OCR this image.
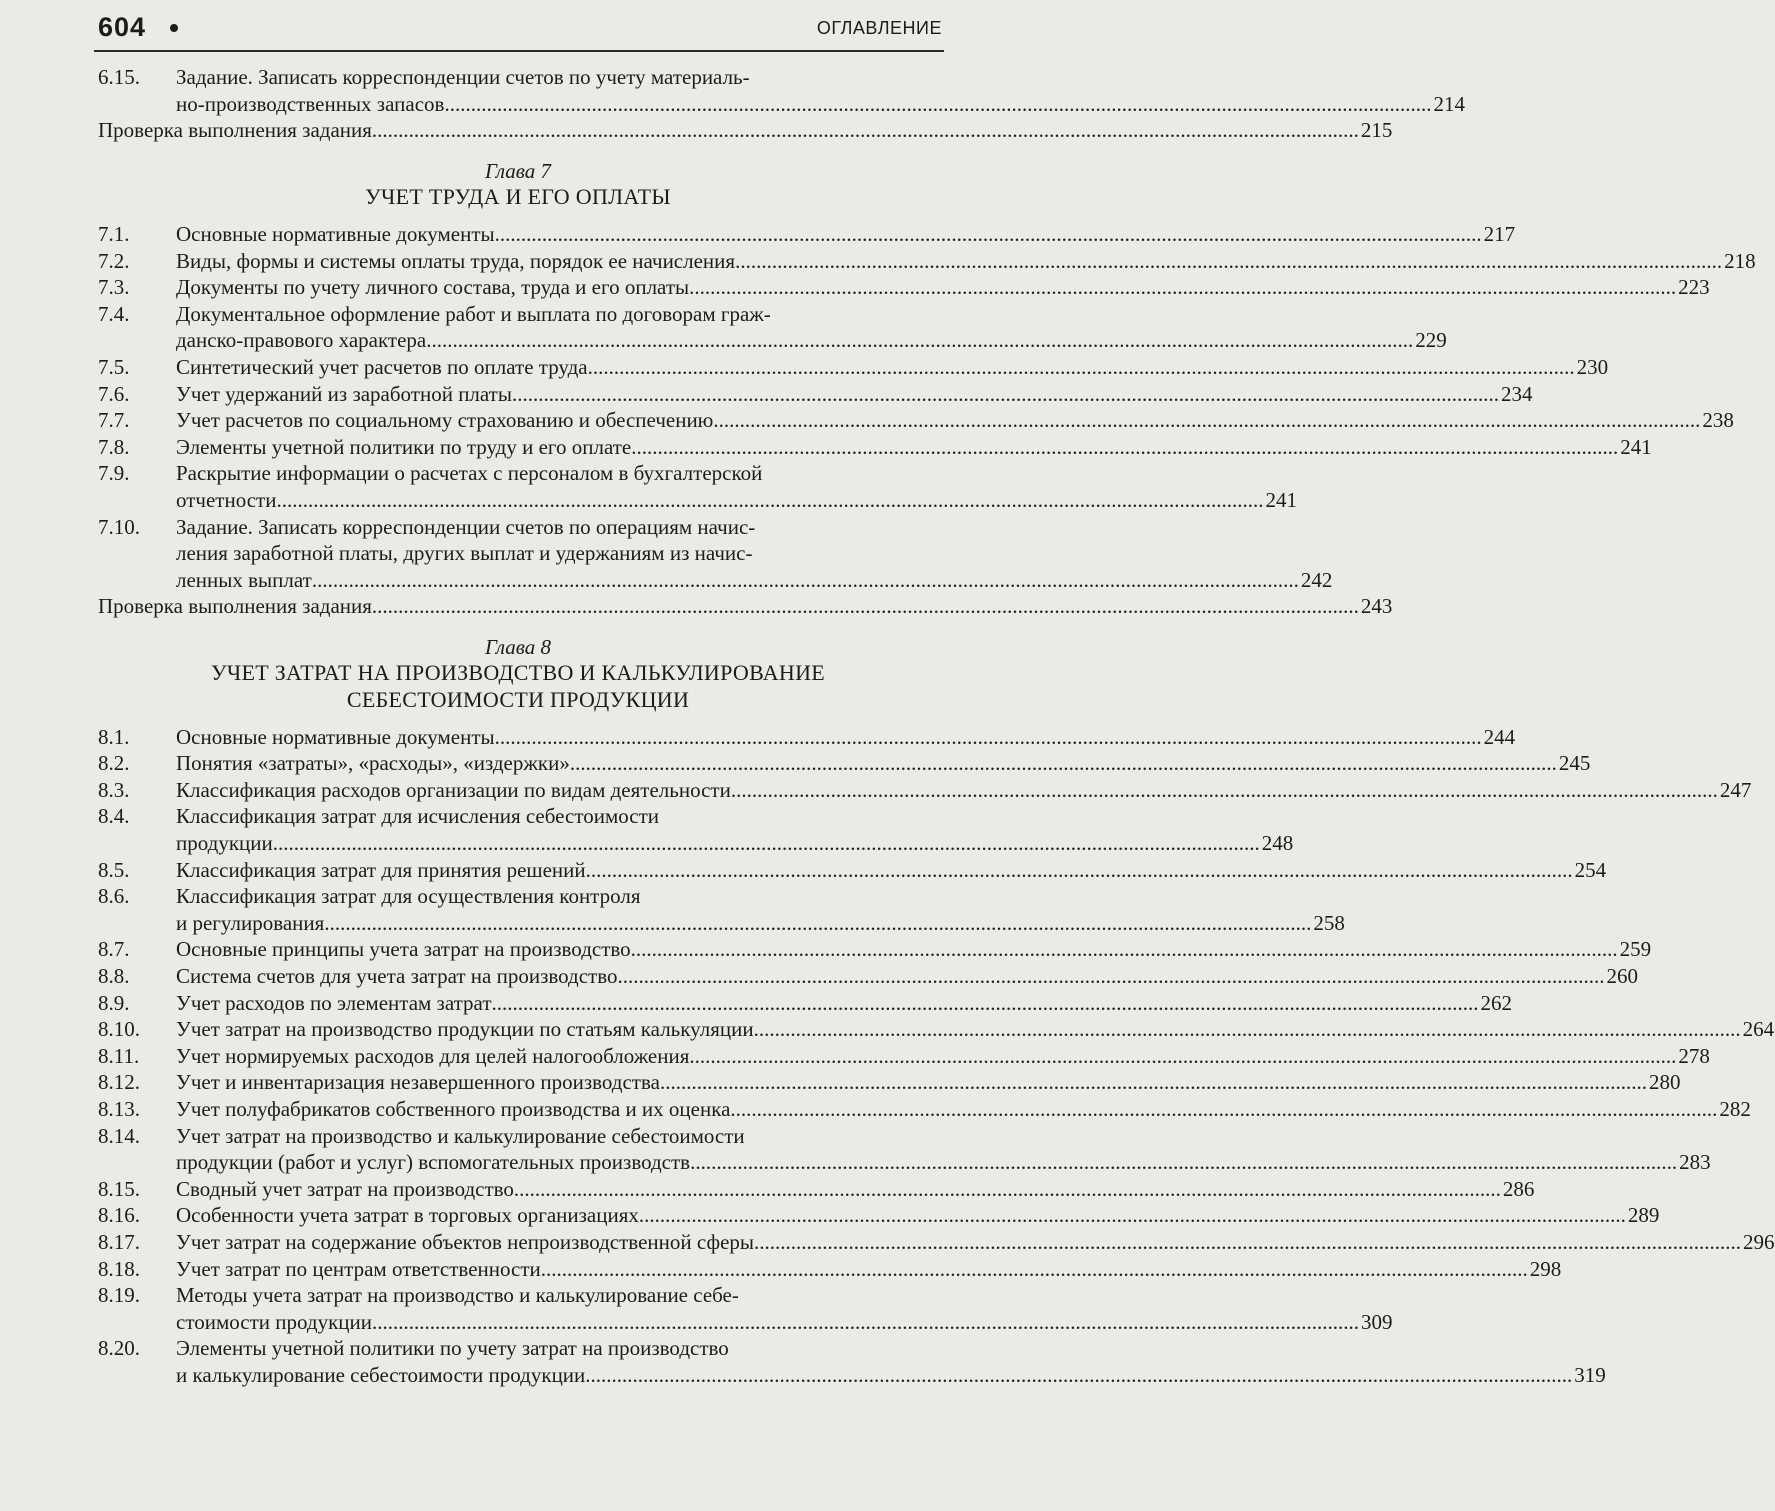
604	ОГЛАВЛЕНИЕ
6.15.	Задание. Записать корреспонденции счетов по учету материаль-
но-производственных запасов .....	214
Проверка выполнения задания .....	215
Глава 7
УЧЕТ ТРУДА И ЕГО ОПЛАТЫ
7.1.	Основные нормативные документы .....	217
7.2.	Виды, формы и системы оплаты труда, порядок ее начисления .....	218
7.3.	Документы по учету личного состава, труда и его оплаты .....	223
7.4.	Документальное оформление работ и выплата по договорам граж-
данско-правового характера .....	229
7.5.	Синтетический учет расчетов по оплате труда .....	230
7.6.	Учет удержаний из заработной платы .....	234
7.7.	Учет расчетов по социальному страхованию и обеспечению .....	238
7.8.	Элементы учетной политики по труду и его оплате .....	241
7.9.	Раскрытие информации о расчетах с персоналом в бухгалтерской
отчетности .....	241
7.10.	Задание. Записать корреспонденции счетов по операциям начис-
ления заработной платы, других выплат и удержаниям из начис-
ленных выплат .....	242
Проверка выполнения задания .....	243
Глава 8
УЧЕТ ЗАТРАТ НА ПРОИЗВОДСТВО И КАЛЬКУЛИРОВАНИЕ
СЕБЕСТОИМОСТИ ПРОДУКЦИИ
8.1.	Основные нормативные документы .....	244
8.2.	Понятия «затраты», «расходы», «издержки» .....	245
8.3.	Классификация расходов организации по видам деятельности .....	247
8.4.	Классификация затрат для исчисления себестоимости
продукции .....	248
8.5.	Классификация затрат для принятия решений .....	254
8.6.	Классификация затрат для осуществления контроля
и регулирования .....	258
8.7.	Основные принципы учета затрат на производство .....	259
8.8.	Система счетов для учета затрат на производство .....	260
8.9.	Учет расходов по элементам затрат .....	262
8.10.	Учет затрат на производство продукции по статьям калькуляции .....	264
8.11.	Учет нормируемых расходов для целей налогообложения .....	278
8.12.	Учет и инвентаризация незавершенного производства .....	280
8.13.	Учет полуфабрикатов собственного производства и их оценка .....	282
8.14.	Учет затрат на производство и калькулирование себестоимости
продукции (работ и услуг) вспомогательных производств .....	283
8.15.	Сводный учет затрат на производство .....	286
8.16.	Особенности учета затрат в торговых организациях .....	289
8.17.	Учет затрат на содержание объектов непроизводственной сферы .....	296
8.18.	Учет затрат по центрам ответственности .....	298
8.19.	Методы учета затрат на производство и калькулирование себе-
стоимости продукции .....	309
8.20.	Элементы учетной политики по учету затрат на производство
и калькулирование себестоимости продукции .....	319
